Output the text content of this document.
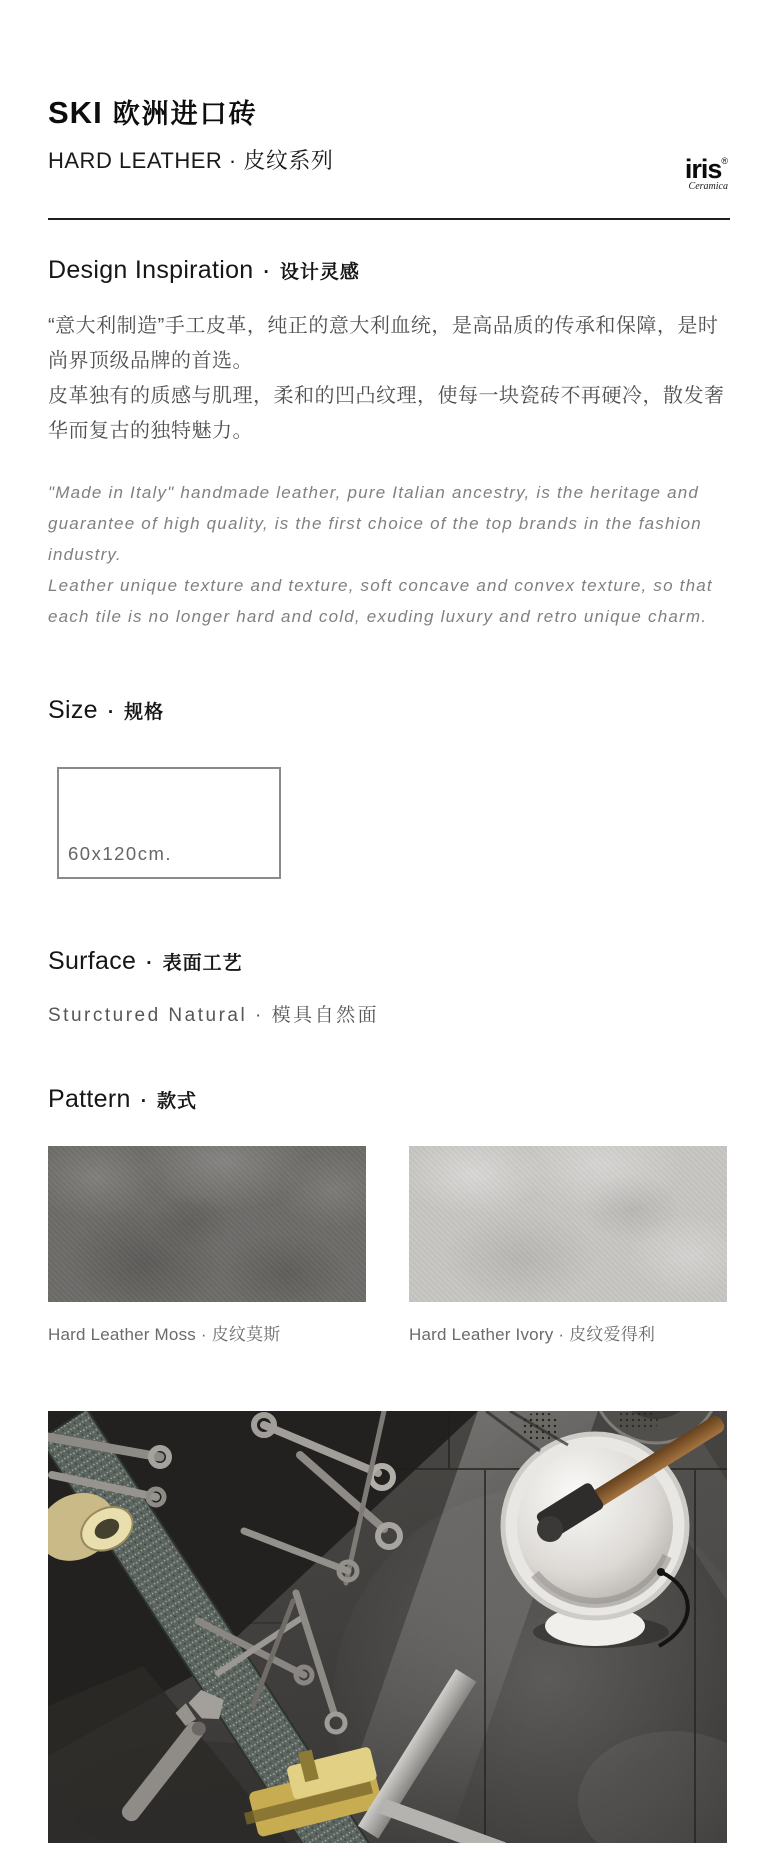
SKI 欧洲进口砖
HARD LEATHER · 皮纹系列	iris®
Ceramica
Design Inspiration · 设计灵感

“意大利制造”手工皮革，纯正的意大利血统，是高品质的传承和保障，是时尚界顶级品牌的首选。

皮革独有的质感与肌理，柔和的凹凸纹理，使每一块瓷砖不再硬冷，散发奢华而复古的独特魅力。

"Made in Italy" handmade leather, pure Italian ancestry, is the heritage and guarantee of high quality, is the first choice of the top brands in the fashion industry.

Leather unique texture and texture, soft concave and convex texture, so that each tile is no longer hard and cold, exuding luxury and retro unique charm.

Size · 规格
60x120cm.
Surface · 表面工艺
Sturctured Natural · 模具自然面
Pattern · 款式
Hard Leather Moss · 皮纹莫斯	Hard Leather Ivory · 皮纹爱得利
